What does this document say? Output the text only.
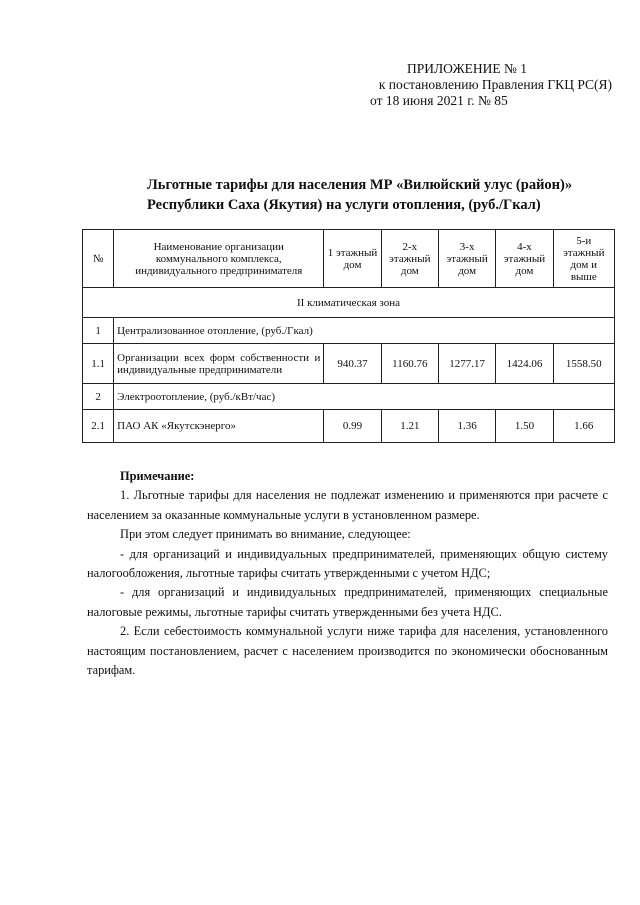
ПРИЛОЖЕНИЕ № 1
к постановлению Правления ГКЦ РС(Я)
от 18 июня 2021 г. № 85
Льготные тарифы для населения МР «Вилюйский улус (район)»
Республики Саха (Якутия) на услуги отопления, (руб./Гкал)
№	Наименование организации коммунального комплекса, индивидуального предпринимателя	1 этажный дом	2-х этажный дом	3-х этажный дом	4-х этажный дом	5-и этажный дом и выше
II климатическая зона						
1	Централизованное отопление, (руб./Гкал)					
1.1	Организации всех форм собственности и индивидуальные предприниматели	940.37	1160.76	1277.17	1424.06	1558.50
2	Электроотопление, (руб./кВт/час)					
2.1	ПАО АК «Якутскэнерго»	0.99	1.21	1.36	1.50	1.66

Примечание:

1. Льготные тарифы для населения не подлежат изменению и применяются при расчете с населением за оказанные коммунальные услуги в установленном размере.

При этом следует принимать во внимание, следующее:

- для организаций и индивидуальных предпринимателей, применяющих общую систему налогообложения, льготные тарифы считать утвержденными с учетом НДС;

- для организаций и индивидуальных предпринимателей, применяющих специальные налоговые режимы, льготные тарифы считать утвержденными без учета НДС.

2. Если себестоимость коммунальной услуги ниже тарифа для населения, установленного настоящим постановлением, расчет с населением производится по экономически обоснованным тарифам.
